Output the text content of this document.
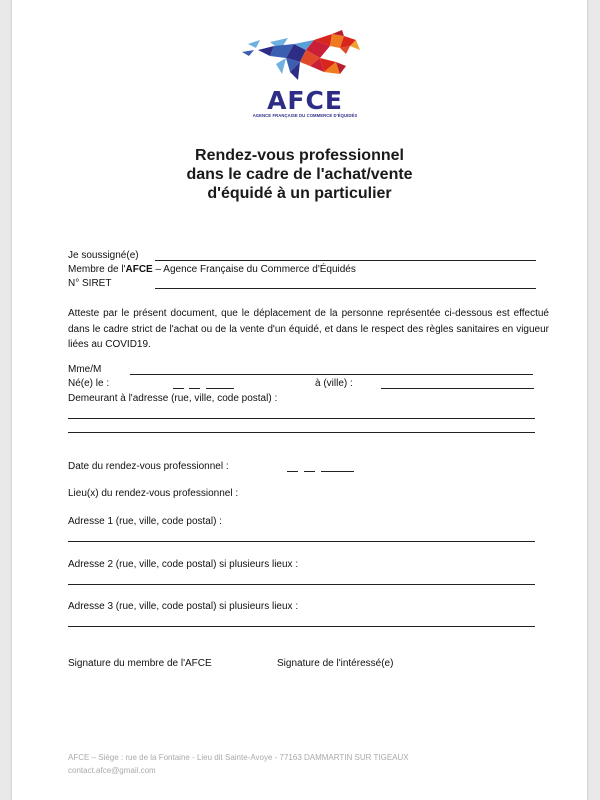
AFCE
AGENCE FRANÇAISE DU COMMERCE D'ÉQUIDÉS
Rendez-vous professionnel
dans le cadre de l'achat/vente
d'équidé à un particulier
Je soussigné(e)
Membre de l'AFCE – Agence Française du Commerce d'Équidés
N° SIRET
Atteste par le présent document, que le déplacement de la personne représentée ci-dessous est effectué dans le cadre strict de l'achat ou de la vente d'un équidé, et dans le respect des règles sanitaires en vigueur liées au COVID19.
Mme/M
Né(e) le :	à (ville) :
Demeurant à l'adresse (rue, ville, code postal) :
Date du rendez-vous professionnel :
Lieu(x) du rendez-vous professionnel :
Adresse 1 (rue, ville, code postal) :
Adresse 2 (rue, ville, code postal) si plusieurs lieux :
Adresse 3 (rue, ville, code postal) si plusieurs lieux :
Signature du membre de l'AFCE	Signature de l'intéressé(e)
AFCE – Siège : rue de la Fontaine - Lieu dit Sainte-Avoye - 77163 DAMMARTIN SUR TIGEAUX
contact.afce@gmail.com
